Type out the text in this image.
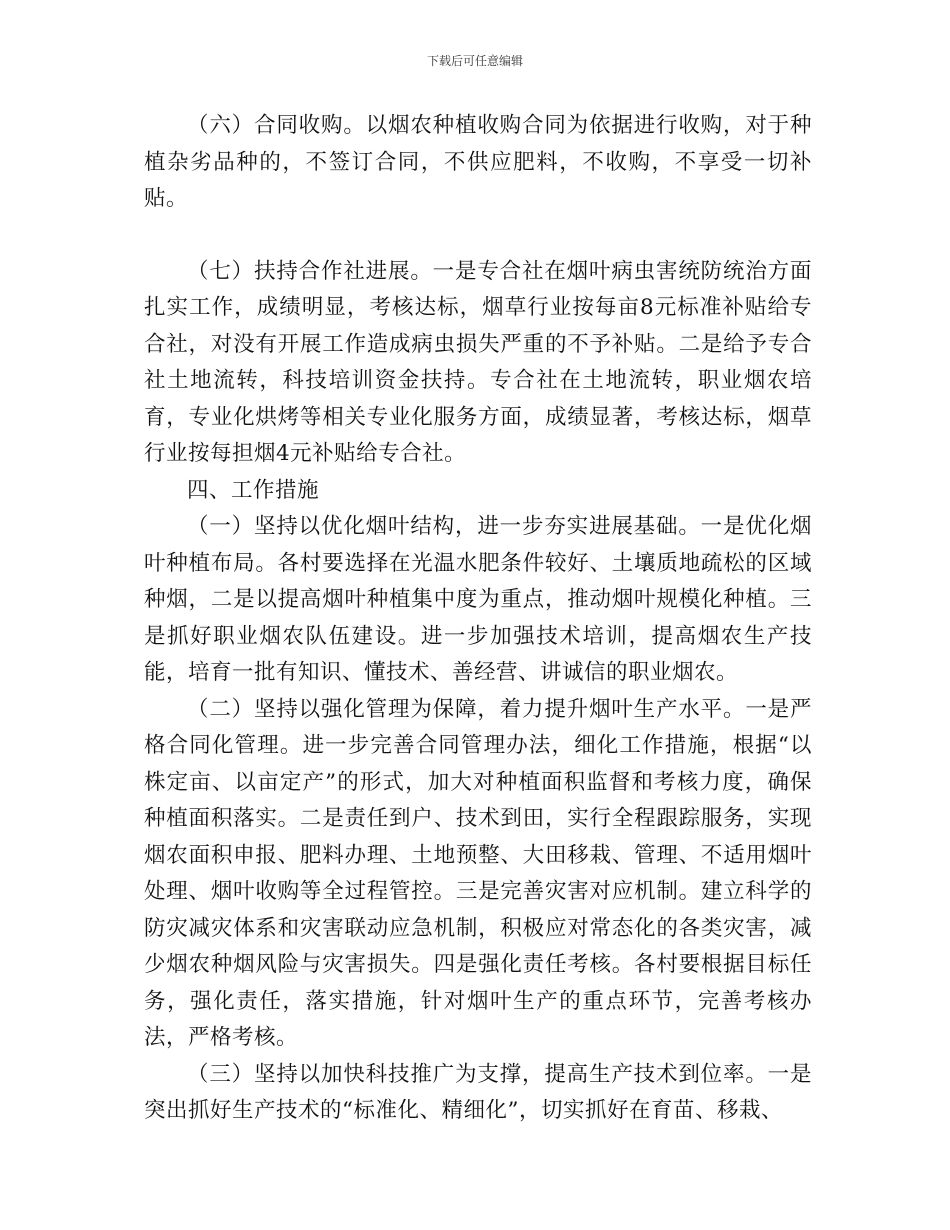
下载后可任意编辑

（六）合同收购。以烟农种植收购合同为依据进行收购，对于种植杂劣品种的，不签订合同，不供应肥料，不收购，不享受一切补贴。

（七）扶持合作社进展。一是专合社在烟叶病虫害统防统治方面扎实工作，成绩明显，考核达标，烟草行业按每亩8元标准补贴给专合社，对没有开展工作造成病虫损失严重的不予补贴。二是给予专合社土地流转，科技培训资金扶持。专合社在土地流转，职业烟农培育，专业化烘烤等相关专业化服务方面，成绩显著，考核达标，烟草行业按每担烟4元补贴给专合社。

四、工作措施

（一）坚持以优化烟叶结构，进一步夯实进展基础。一是优化烟叶种植布局。各村要选择在光温水肥条件较好、土壤质地疏松的区域种烟，二是以提高烟叶种植集中度为重点，推动烟叶规模化种植。三是抓好职业烟农队伍建设。进一步加强技术培训，提高烟农生产技能，培育一批有知识、懂技术、善经营、讲诚信的职业烟农。

（二）坚持以强化管理为保障，着力提升烟叶生产水平。一是严格合同化管理。进一步完善合同管理办法，细化工作措施，根据“以株定亩、以亩定产”的形式，加大对种植面积监督和考核力度，确保种植面积落实。二是责任到户、技术到田，实行全程跟踪服务，实现烟农面积申报、肥料办理、土地预整、大田移栽、管理、不适用烟叶处理、烟叶收购等全过程管控。三是完善灾害对应机制。建立科学的防灾减灾体系和灾害联动应急机制，积极应对常态化的各类灾害，减少烟农种烟风险与灾害损失。四是强化责任考核。各村要根据目标任务，强化责任，落实措施，针对烟叶生产的重点环节，完善考核办法，严格考核。

（三）坚持以加快科技推广为支撑，提高生产技术到位率。一是突出抓好生产技术的“标准化、精细化”，切实抓好在育苗、移栽、
